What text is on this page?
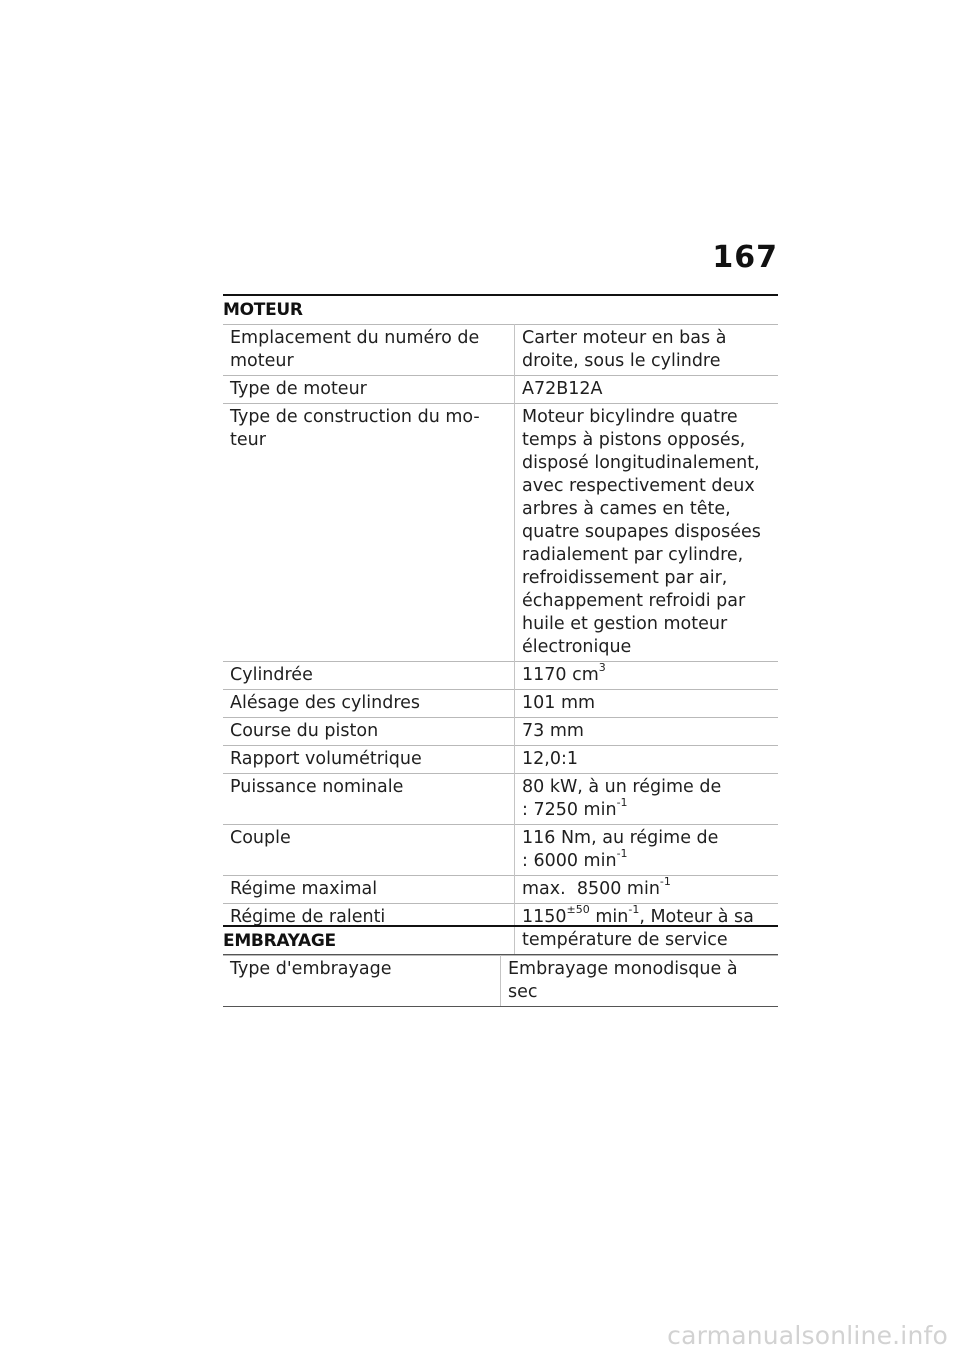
167
MOTEUR
Emplacement du numéro de moteur	Carter moteur en bas à droite, sous le cylindre
Type de moteur	A72B12A
Type de construction du mo-teur	Moteur bicylindre quatre temps à pistons opposés, disposé longitudinalement, avec respectivement deux arbres à cames en tête, quatre soupapes disposées radialement par cylindre, refroidissement par air, échappement refroidi par huile et gestion moteur électronique
Cylindrée	1170 $cm^3$
Alésage des cylindres	101 mm
Course du piston	73 mm
Rapport volumétrique	12,0:1
Puissance nominale	80 kW, à un régime de : 7250 $\min^{-1}$
Couple	116 Nm, au régime de : 6000 $\min^{-1}$
Régime maximal	max.  8500 $\min^{-1}$
Régime de ralenti	$1150^{\pm 50}$ $\min^{-1}$, Moteur à sa température de service
EMBRAYAGE
Type d'embrayage	Embrayage monodisque à sec
carmanualsonline.info
